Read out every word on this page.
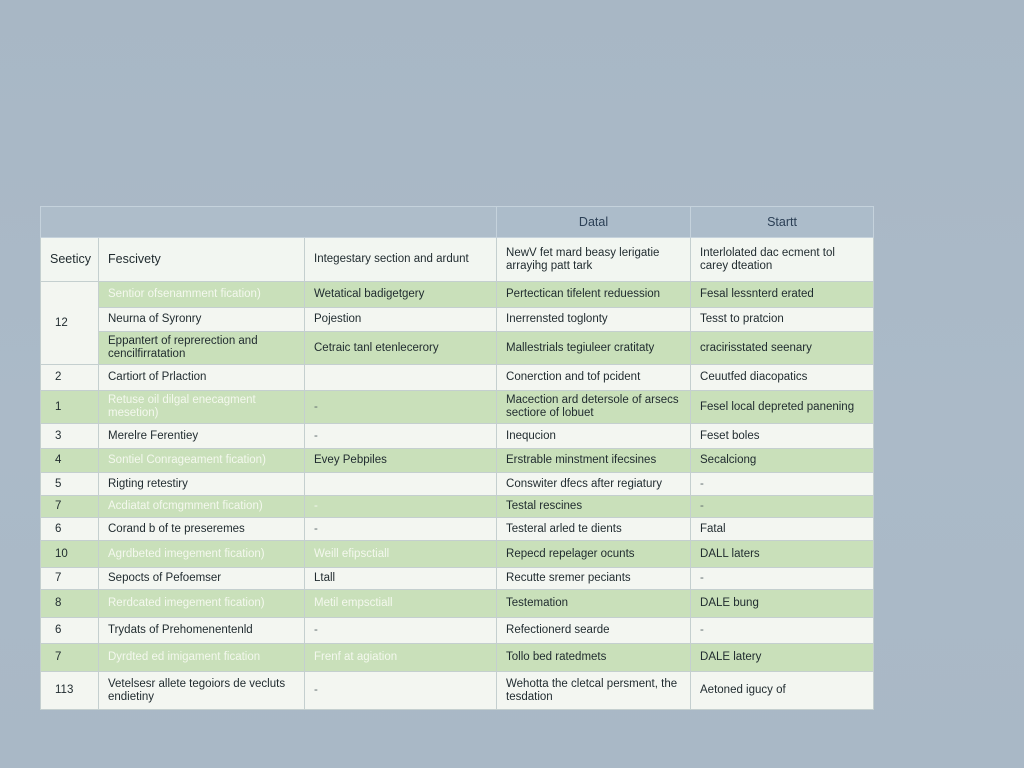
			Datal	Startt
Seeticy	Fescivety	Integestary section and ardunt	NewV fet mard beasy lerigatie arrayihg patt tark	Interlolated dac ecment tol carey dteation
12	Sentior ofsenamment fication)	Wetatical badigetgery	Pertectican tifelent reduession	Fesal lessnterd erated
	Neurna of Syronry	Pojestion	Inerrensted toglonty	Tesst to pratcion
	Eppantert of reprerection and cencilfirratation	Cetraic tanl etenlecerory	Mallestrials tegiuleer cratitaty	cracirisstated seenary
2	Cartiort of Prlaction		Conerction and tof pcident	Ceuutfed diacopatics
1	Retuse oil dilgal enecagment mesetion)	-	Macection ard detersole of arsecs sectiore of lobuet	Fesel local depreted panening
3	Merelre Ferentiey	-	Inequcion	Feset boles
4	Sontiel Conrageament fication)	Evey Pebpiles	Erstrable minstment ifecsines	Secalciong
5	Rigting retestiry		Conswiter dfecs after regiatury	-
7	Acdiatat ofcmgmment fication)	-	Testal rescines	-
6	Corand b of te preseremes	-	Testeral arled te dients	Fatal
10	Agrdbeted imegement fication)	Weill efipsctiall	Repecd repelager ocunts	DALL laters
7	Sepocts of Pefoemser	Ltall	Recutte sremer peciants	-
8	Rerdcated imegement fication)	Metil empsctiall	Testemation	DALE bung
6	Trydats of Prehomenentenld	-	Refectionerd searde	-
7	Dyrdted ed imigament fication	Frenf at agiation	Tollo bed ratedmets	DALE latery
113	Vetelsesr allete tegoiors de vecluts endietiny	-	Wehotta the cletcal persment, the tesdation	Aetoned igucy of
